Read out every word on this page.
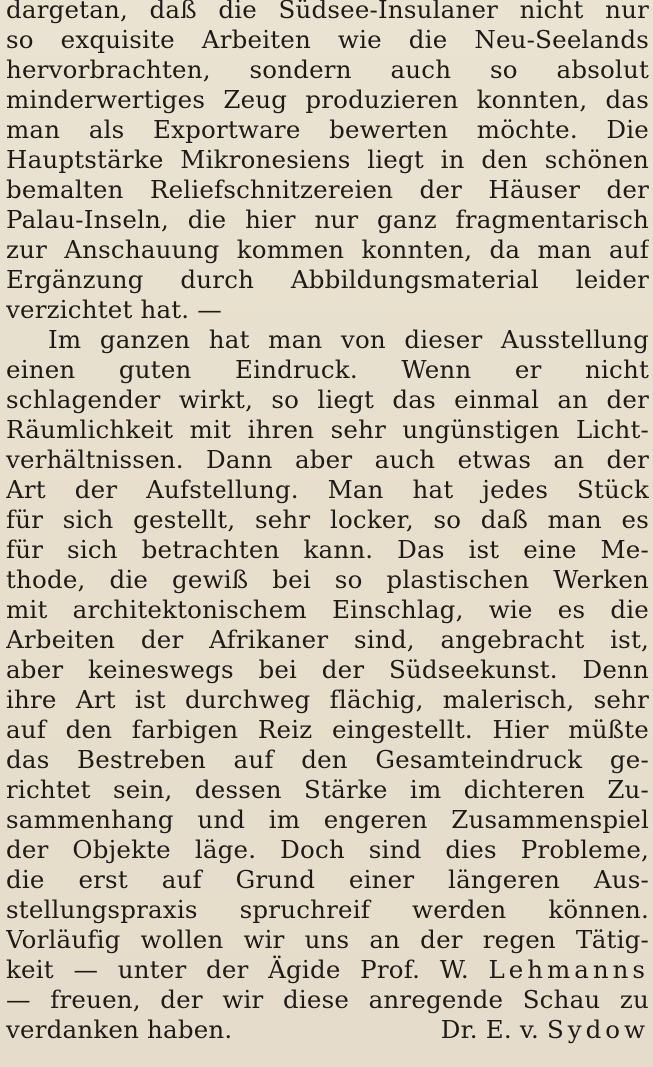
dargetan, daß die Südsee-Insulaner nicht nur
so exquisite Arbeiten wie die Neu-Seelands
hervorbrachten, sondern auch so absolut
minderwertiges Zeug produzieren konnten, das
man als Exportware bewerten möchte. Die
Hauptstärke Mikronesiens liegt in den schönen
bemalten Reliefschnitzereien der Häuser der
Palau-Inseln, die hier nur ganz fragmentarisch
zur Anschauung kommen konnten, da man auf
Ergänzung durch Abbildungsmaterial leider
verzichtet hat. —
Im ganzen hat man von dieser Ausstellung
einen guten Eindruck. Wenn er nicht
schlagender wirkt, so liegt das einmal an der
Räumlichkeit mit ihren sehr ungünstigen Licht-
verhältnissen. Dann aber auch etwas an der
Art der Aufstellung. Man hat jedes Stück
für sich gestellt, sehr locker, so daß man es
für sich betrachten kann. Das ist eine Me-
thode, die gewiß bei so plastischen Werken
mit architektonischem Einschlag, wie es die
Arbeiten der Afrikaner sind, angebracht ist,
aber keineswegs bei der Südseekunst. Denn
ihre Art ist durchweg flächig, malerisch, sehr
auf den farbigen Reiz eingestellt. Hier müßte
das Bestreben auf den Gesamteindruck ge-
richtet sein, dessen Stärke im dichteren Zu-
sammenhang und im engeren Zusammenspiel
der Objekte läge. Doch sind dies Probleme,
die erst auf Grund einer längeren Aus-
stellungspraxis spruchreif werden können.
Vorläufig wollen wir uns an der regen Tätig-
keit — unter der Ägide Prof. W. Lehmanns
— freuen, der wir diese anregende Schau zu
verdanken haben.	Dr. E. v. Sydow
